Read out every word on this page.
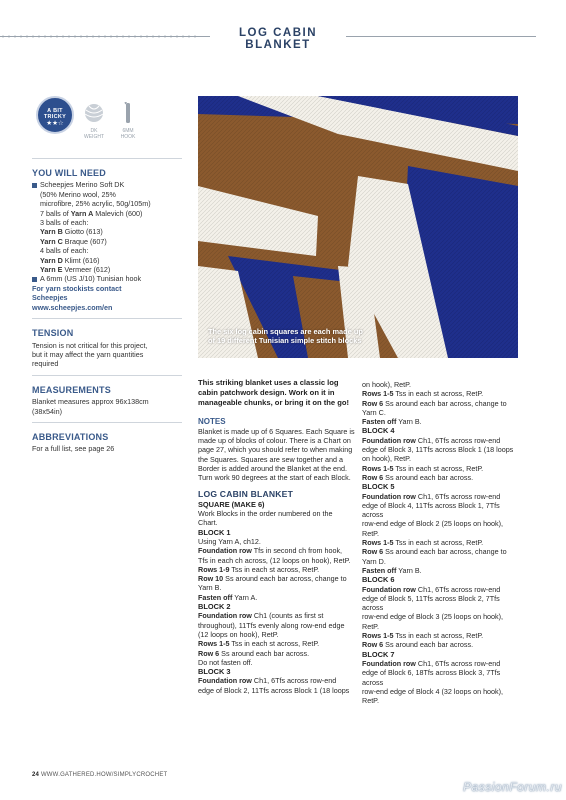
LOG CABIN BLANKET
A BIT
TRICKY
★★☆
DK
WEIGHT
6MM
HOOK
YOU WILL NEED

Scheepjes Merino Soft DK

(50% Merino wool, 25%

microfibre, 25% acrylic, 50g/105m)

7 balls of Yarn A Malevich (600)

3 balls of each:

Yarn B Giotto (613)

Yarn C Braque (607)

4 balls of each:

Yarn D Klimt (616)

Yarn E Vermeer (612)

A 6mm (US J/10) Tunisian hook

For yarn stockists contact

Scheepjes

www.scheepjes.com/en

TENSION

Tension is not critical for this project,

but it may affect the yarn quantities

required

MEASUREMENTS

Blanket measures approx 96x138cm

(38x54in)

ABBREVIATIONS

For a full list, see page 26

The six log cabin squares are each made up
of 19 different Tunisian simple stitch blocks

This striking blanket uses a classic log

cabin patchwork design. Work on it in

manageable chunks, or bring it on the go!

NOTES

Blanket is made up of 6 Squares. Each Square is

made up of blocks of colour. There is a Chart on

page 27, which you should refer to when making

the Squares. Squares are sew together and a

Border is added around the Blanket at the end.

Turn work 90 degrees at the start of each Block.

LOG CABIN BLANKET

SQUARE (MAKE 6)

Work Blocks in the order numbered on the

Chart.

BLOCK 1

Using Yarn A, ch12.

Foundation row Tfs in second ch from hook,

Tfs in each ch across, (12 loops on hook), RetP.

Rows 1-9 Tss in each st across, RetP.

Row 10 Ss around each bar across, change to

Yarn B.

Fasten off Yarn A.

BLOCK 2

Foundation row Ch1 (counts as first st

throughout), 11Tfs evenly along row-end edge

(12 loops on hook), RetP.

Rows 1-5 Tss in each st across, RetP.

Row 6 Ss around each bar across.

Do not fasten off.

BLOCK 3

Foundation row Ch1, 6Tfs across row-end

edge of Block 2, 11Tfs across Block 1 (18 loops

on hook), RetP.

Rows 1-5 Tss in each st across, RetP.

Row 6 Ss around each bar across, change to

Yarn C.

Fasten off Yarn B.

BLOCK 4

Foundation row Ch1, 6Tfs across row-end

edge of Block 3, 11Tfs across Block 1 (18 loops

on hook), RetP.

Rows 1-5 Tss in each st across, RetP.

Row 6 Ss around each bar across.

BLOCK 5

Foundation row Ch1, 6Tfs across row-end

edge of Block 4, 11Tfs across Block 1, 7Tfs across

row-end edge of Block 2 (25 loops on hook),

RetP.

Rows 1-5 Tss in each st across, RetP.

Row 6 Ss around each bar across, change to

Yarn D.

Fasten off Yarn B.

BLOCK 6

Foundation row Ch1, 6Tfs across row-end

edge of Block 5, 11Tfs across Block 2, 7Tfs across

row-end edge of Block 3 (25 loops on hook),

RetP.

Rows 1-5 Tss in each st across, RetP.

Row 6 Ss around each bar across.

BLOCK 7

Foundation row Ch1, 6Tfs across row-end

edge of Block 6, 18Tfs across Block 3, 7Tfs across

row-end edge of Block 4 (32 loops on hook),

RetP.

24 WWW.GATHERED.HOW/SIMPLYCROCHET
PassionForum.ru
